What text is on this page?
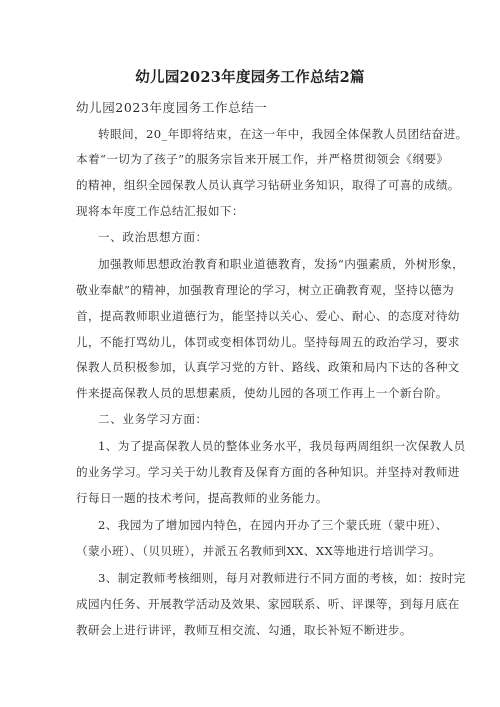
幼儿园2023年度园务工作总结2篇
幼儿园2023年度园务工作总结一
转眼间，20_年即将结束，在这一年中，我园全体保教人员团结奋进。
本着“一切为了孩子”的服务宗旨来开展工作，并严格贯彻领会《纲要》
的精神，组织全园保教人员认真学习钻研业务知识，取得了可喜的成绩。
现将本年度工作总结汇报如下：
一、政治思想方面：
加强教师思想政治教育和职业道德教育，发扬“内强素质，外树形象，
敬业奉献”的精神，加强教育理论的学习，树立正确教育观，坚持以德为
首，提高教师职业道德行为，能坚持以关心、爱心、耐心、的态度对待幼
儿，不能打骂幼儿，体罚或变相体罚幼儿。坚持每周五的政治学习，要求
保教人员积极参加，认真学习党的方针、路线、政策和局内下达的各种文
件来提高保教人员的思想素质，使幼儿园的各项工作再上一个新台阶。
二、业务学习方面：
1、为了提高保教人员的整体业务水平，我员每两周组织一次保教人员
的业务学习。学习关于幼儿教育及保育方面的各种知识。并坚持对教师进
行每日一题的技术考问，提高教师的业务能力。
2、我园为了增加园内特色，在园内开办了三个蒙氏班（蒙中班）、
（蒙小班）、（贝贝班），并派五名教师到XX、XX等地进行培训学习。
3、制定教师考核细则，每月对教师进行不同方面的考核，如：按时完
成园内任务、开展教学活动及效果、家园联系、听、评课等，到每月底在
教研会上进行讲评，教师互相交流、勾通，取长补短不断进步。
